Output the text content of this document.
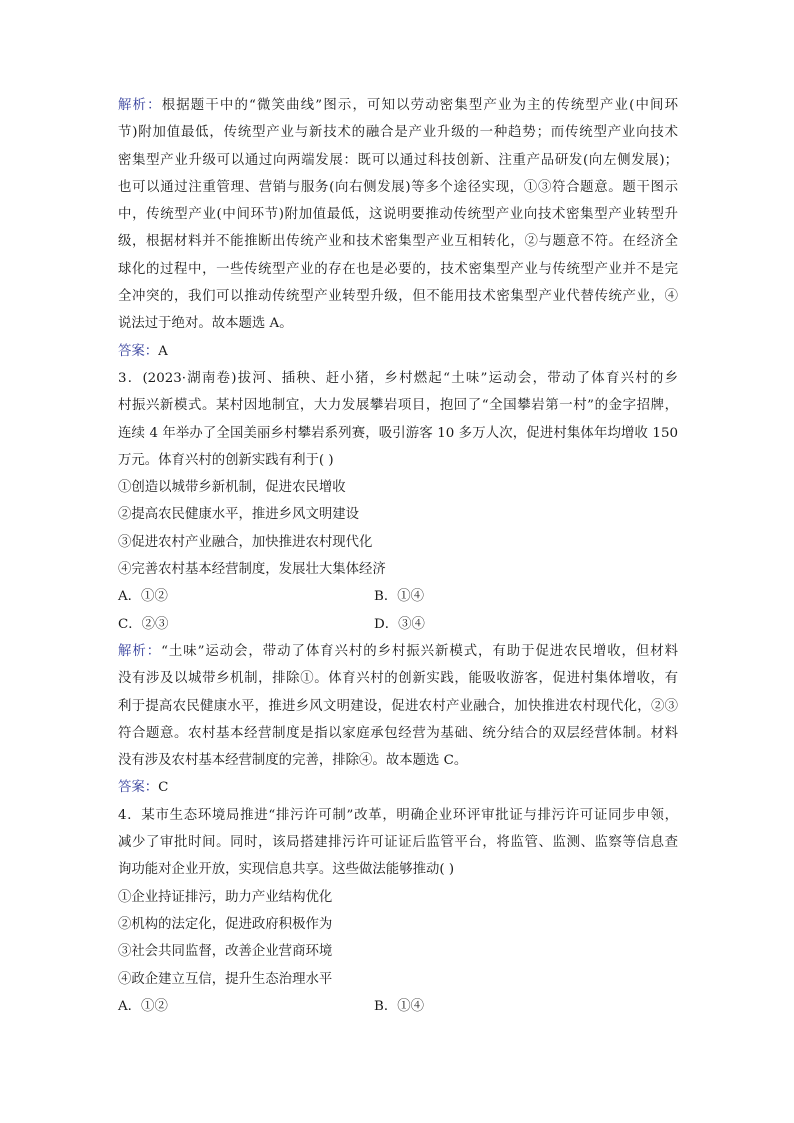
解析：根据题干中的“微笑曲线”图示，可知以劳动密集型产业为主的传统型产业(中间环
节)附加值最低，传统型产业与新技术的融合是产业升级的一种趋势；而传统型产业向技术
密集型产业升级可以通过向两端发展：既可以通过科技创新、注重产品研发(向左侧发展)；
也可以通过注重管理、营销与服务(向右侧发展)等多个途径实现，①③符合题意。题干图示
中，传统型产业(中间环节)附加值最低，这说明要推动传统型产业向技术密集型产业转型升
级，根据材料并不能推断出传统产业和技术密集型产业互相转化，②与题意不符。在经济全
球化的过程中，一些传统型产业的存在也是必要的，技术密集型产业与传统型产业并不是完
全冲突的，我们可以推动传统型产业转型升级，但不能用技术密集型产业代替传统产业，④
说法过于绝对。故本题选 A。
答案：A
3．(2023·湖南卷)拔河、插秧、赶小猪，乡村燃起“土味”运动会，带动了体育兴村的乡
村振兴新模式。某村因地制宜，大力发展攀岩项目，抱回了“全国攀岩第一村”的金字招牌，
连续 4 年举办了全国美丽乡村攀岩系列赛，吸引游客 10 多万人次，促进村集体年均增收 150
万元。体育兴村的创新实践有利于( )
①创造以城带乡新机制，促进农民增收
②提高农民健康水平，推进乡风文明建设
③促进农村产业融合，加快推进农村现代化
④完善农村基本经营制度，发展壮大集体经济
A．①②	B．①④
C．②③	D．③④
解析：“土味”运动会，带动了体育兴村的乡村振兴新模式，有助于促进农民增收，但材料
没有涉及以城带乡机制，排除①。体育兴村的创新实践，能吸收游客，促进村集体增收，有
利于提高农民健康水平，推进乡风文明建设，促进农村产业融合，加快推进农村现代化，②③
符合题意。农村基本经营制度是指以家庭承包经营为基础、统分结合的双层经营体制。材料
没有涉及农村基本经营制度的完善，排除④。故本题选 C。
答案：C
4．某市生态环境局推进“排污许可制”改革，明确企业环评审批证与排污许可证同步申领，
减少了审批时间。同时，该局搭建排污许可证证后监管平台，将监管、监测、监察等信息查
询功能对企业开放，实现信息共享。这些做法能够推动( )
①企业持证排污，助力产业结构优化
②机构的法定化，促进政府积极作为
③社会共同监督，改善企业营商环境
④政企建立互信，提升生态治理水平
A．①②	B．①④
